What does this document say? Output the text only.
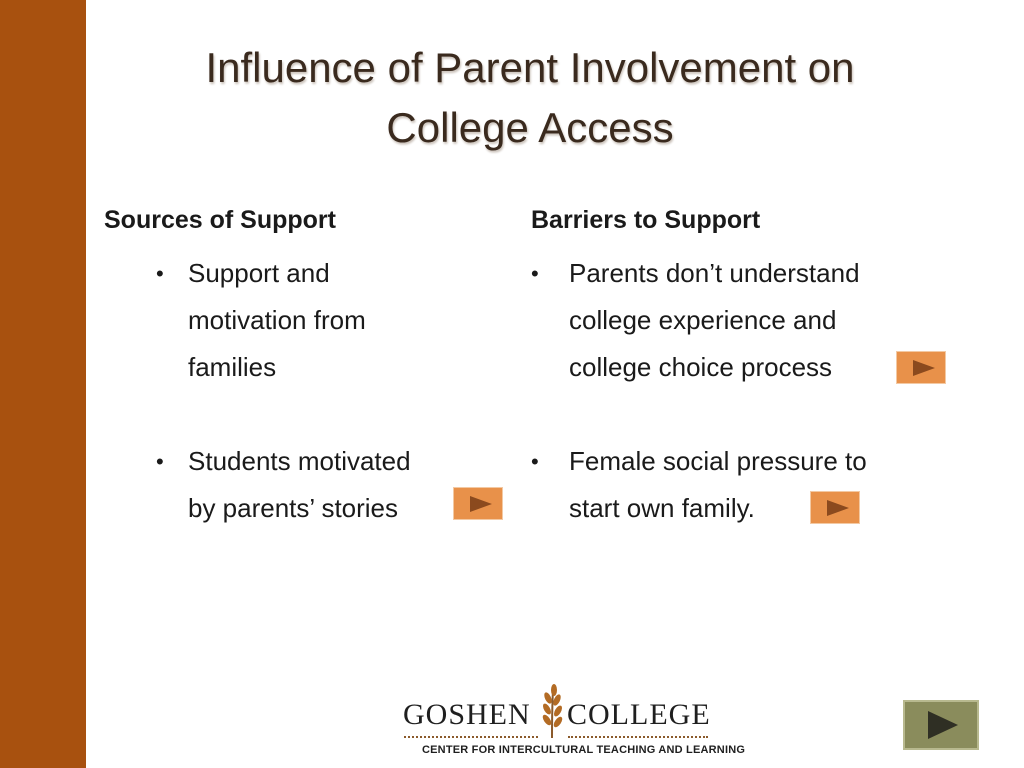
Influence of Parent Involvement on
College Access
Sources of Support
• Support and
motivation from
families
• Students motivated
by parents’ stories
Barriers to Support
• Parents don’t understand
college experience and
college choice process
• Female social pressure to
start own family.
GOSHEN COLLEGE
CENTER FOR INTERCULTURAL TEACHING AND LEARNING
